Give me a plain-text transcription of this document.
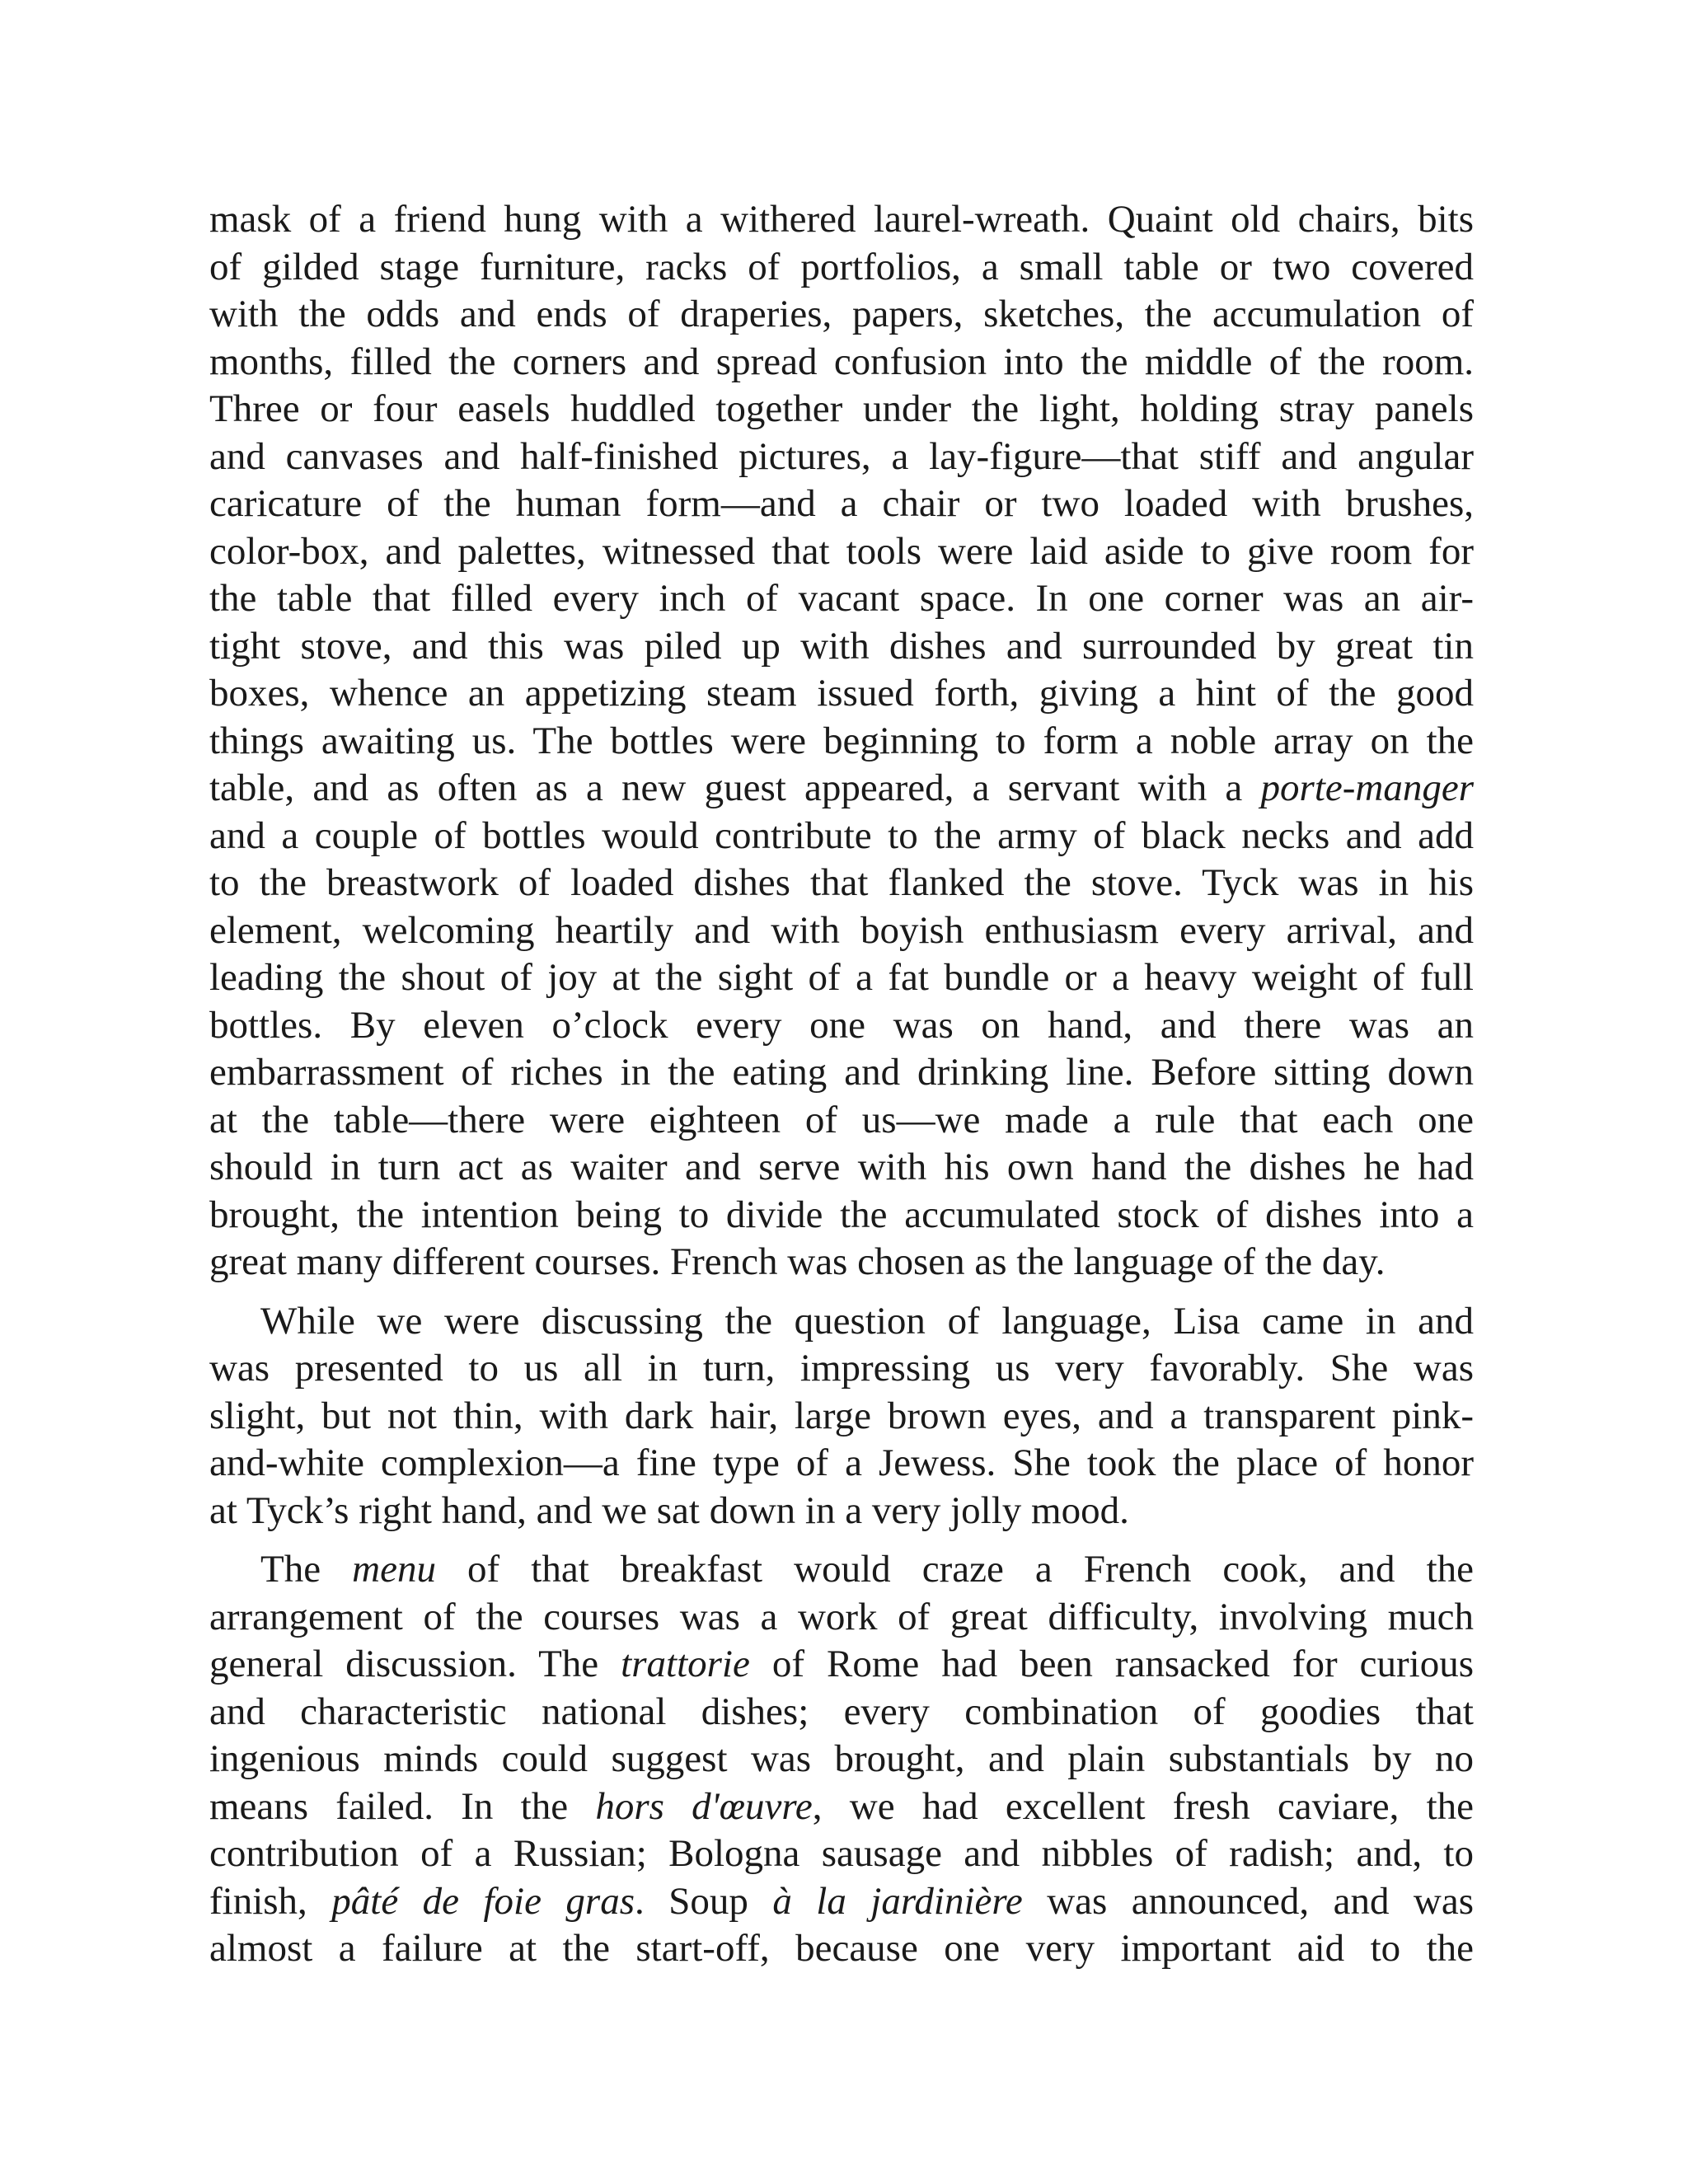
mask of a friend hung with a withered laurel-wreath. Quaint old chairs, bits
of gilded stage furniture, racks of portfolios, a small table or two covered
with the odds and ends of draperies, papers, sketches, the accumulation of
months, filled the corners and spread confusion into the middle of the room.
Three or four easels huddled together under the light, holding stray panels
and canvases and half-finished pictures, a lay-figure—that stiff and angular
caricature of the human form—and a chair or two loaded with brushes,
color-box, and palettes, witnessed that tools were laid aside to give room for
the table that filled every inch of vacant space. In one corner was an air-
tight stove, and this was piled up with dishes and surrounded by great tin
boxes, whence an appetizing steam issued forth, giving a hint of the good
things awaiting us. The bottles were beginning to form a noble array on the
table, and as often as a new guest appeared, a servant with a porte-manger
and a couple of bottles would contribute to the army of black necks and add
to the breastwork of loaded dishes that flanked the stove. Tyck was in his
element, welcoming heartily and with boyish enthusiasm every arrival, and
leading the shout of joy at the sight of a fat bundle or a heavy weight of full
bottles. By eleven o’clock every one was on hand, and there was an
embarrassment of riches in the eating and drinking line. Before sitting down
at the table—there were eighteen of us—we made a rule that each one
should in turn act as waiter and serve with his own hand the dishes he had
brought, the intention being to divide the accumulated stock of dishes into a
great many different courses. French was chosen as the language of the day.

While we were discussing the question of language, Lisa came in and
was presented to us all in turn, impressing us very favorably. She was
slight, but not thin, with dark hair, large brown eyes, and a transparent pink-
and-white complexion—a fine type of a Jewess. She took the place of honor
at Tyck’s right hand, and we sat down in a very jolly mood.

The menu of that breakfast would craze a French cook, and the
arrangement of the courses was a work of great difficulty, involving much
general discussion. The trattorie of Rome had been ransacked for curious
and characteristic national dishes; every combination of goodies that
ingenious minds could suggest was brought, and plain substantials by no
means failed. In the hors d'œuvre, we had excellent fresh caviare, the
contribution of a Russian; Bologna sausage and nibbles of radish; and, to
finish, pâté de foie gras. Soup à la jardinière was announced, and was
almost a failure at the start-off, because one very important aid to the
